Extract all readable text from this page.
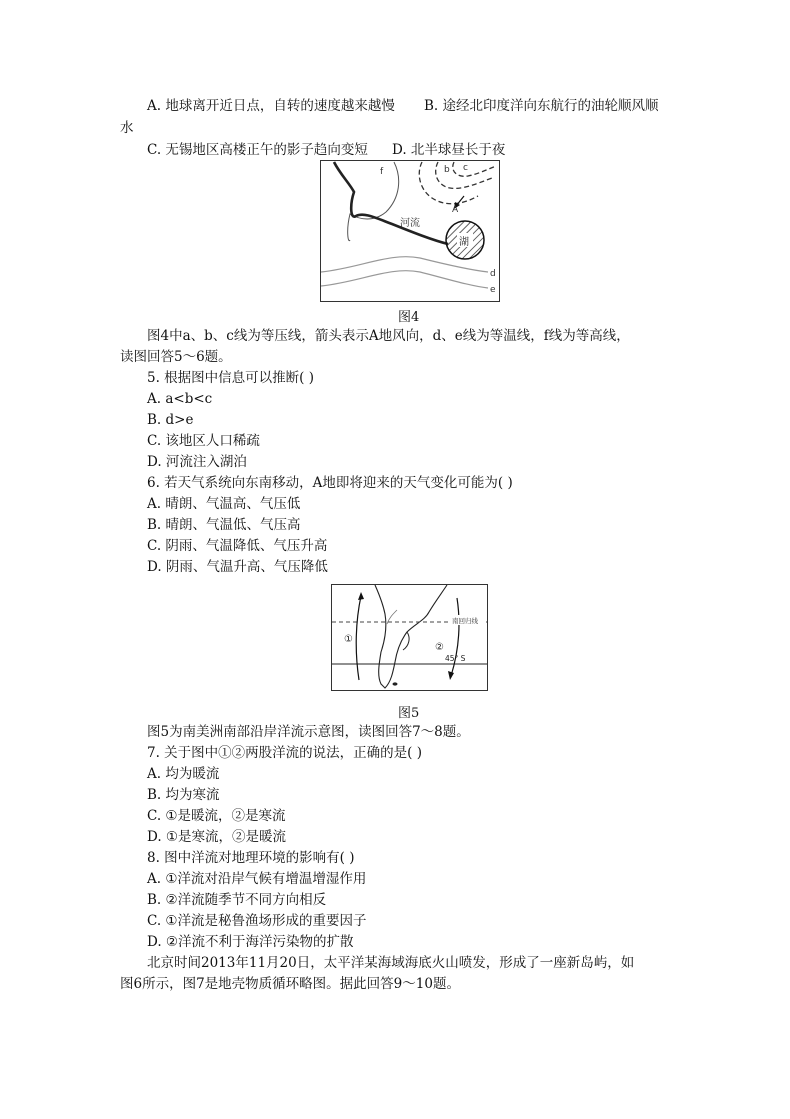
A. 地球离开近日点，自转的速度越来越慢 B. 途经北印度洋向东航行的油轮顺风顺
水
C. 无锡地区高楼正午的影子趋向变短 D. 北半球昼长于夜
f	b c
A
河流
湖
d
e
图4
图4中a、b、c线为等压线，箭头表示A地风向，d、e线为等温线，f线为等高线，
读图回答5～6题。
5. 根据图中信息可以推断( )
A. a<b<c
B. d>e
C. 该地区人口稀疏
D. 河流注入湖泊
6. 若天气系统向东南移动，A地即将迎来的天气变化可能为( )
A. 晴朗、气温高、气压低
B. 晴朗、气温低、气压高
C. 阴雨、气温降低、气压升高
D. 阴雨、气温升高、气压降低
①
②
南回归线
45° S
图5
图5为南美洲南部沿岸洋流示意图，读图回答7～8题。
7. 关于图中①②两股洋流的说法，正确的是( )
A. 均为暖流
B. 均为寒流
C. ①是暖流，②是寒流
D. ①是寒流，②是暖流
8. 图中洋流对地理环境的影响有( )
A. ①洋流对沿岸气候有增温增湿作用
B. ②洋流随季节不同方向相反
C. ①洋流是秘鲁渔场形成的重要因子
D. ②洋流不利于海洋污染物的扩散
北京时间2013年11月20日，太平洋某海域海底火山喷发，形成了一座新岛屿，如
图6所示，图7是地壳物质循环略图。据此回答9～10题。
